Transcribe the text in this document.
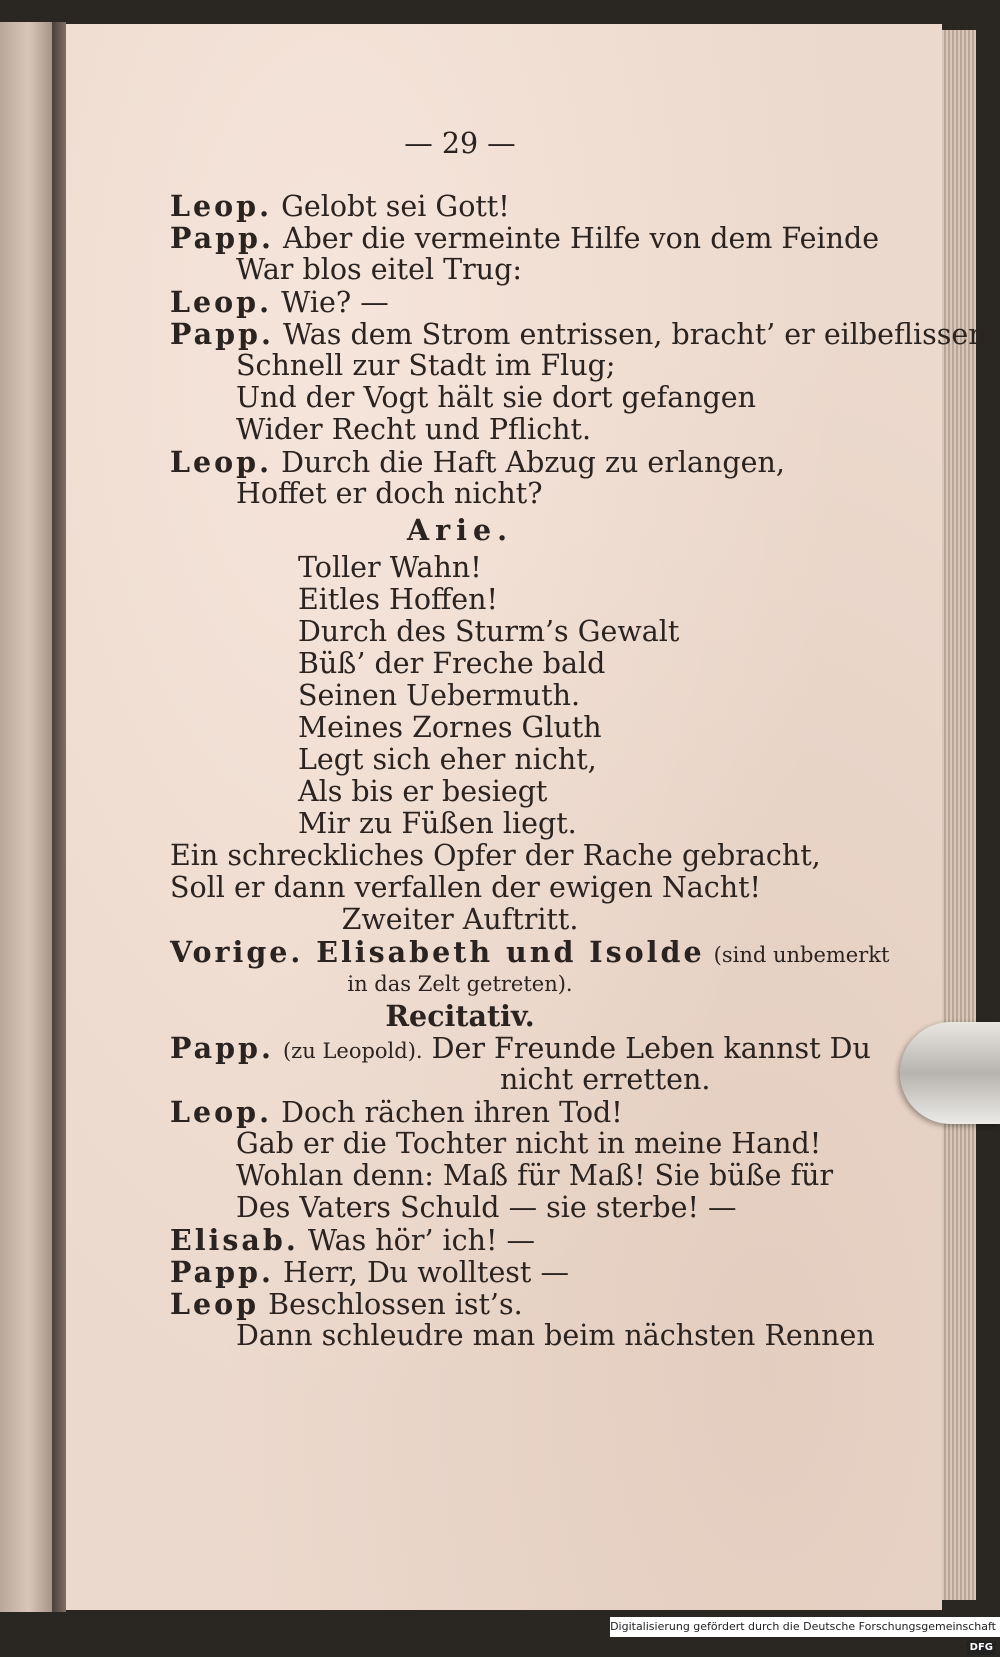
— 29 —
Leop. Gelobt sei Gott!
Papp. Aber die vermeinte Hilfe von dem Feinde
War blos eitel Trug:
Leop. Wie? —
Papp. Was dem Strom entrissen, bracht’ er eilbeflissen
Schnell zur Stadt im Flug;
Und der Vogt hält sie dort gefangen
Wider Recht und Pflicht.
Leop. Durch die Haft Abzug zu erlangen,
Hoffet er doch nicht?
Arie.
Toller Wahn!
Eitles Hoffen!
Durch des Sturm’s Gewalt
Büß’ der Freche bald
Seinen Uebermuth.
Meines Zornes Gluth
Legt sich eher nicht,
Als bis er besiegt
Mir zu Füßen liegt.
Ein schreckliches Opfer der Rache gebracht,
Soll er dann verfallen der ewigen Nacht!
Zweiter Auftritt.
Vorige. Elisabeth und Isolde (sind unbemerkt
in das Zelt getreten).
Recitativ.
Papp. (zu Leopold). Der Freunde Leben kannst Du
nicht erretten.
Leop. Doch rächen ihren Tod!
Gab er die Tochter nicht in meine Hand!
Wohlan denn: Maß für Maß! Sie büße für
Des Vaters Schuld — sie sterbe! —
Elisab. Was hör’ ich! —
Papp. Herr, Du wolltest —
Leop Beschlossen ist’s.
Dann schleudre man beim nächsten Rennen
Digitalisierung gefördert durch die Deutsche Forschungsgemeinschaft - DFG
